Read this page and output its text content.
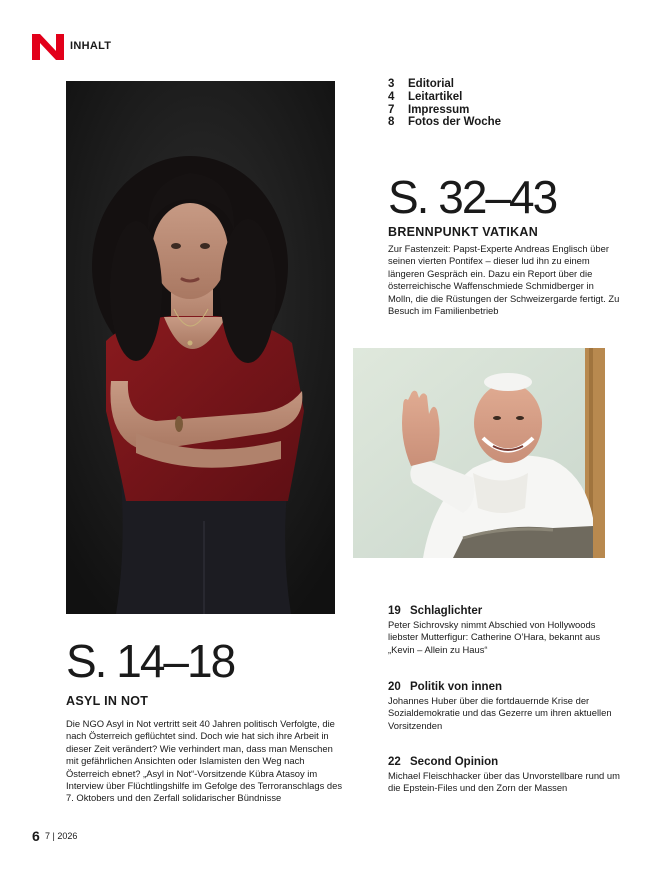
INHALT
3 Editorial
4 Leitartikel
7 Impressum
8 Fotos der Woche
S. 32–43
BRENNPUNKT VATIKAN
Zur Fastenzeit: Papst-Experte Andreas Englisch über seinen vierten Pontifex – dieser lud ihn zu einem längeren Gespräch ein. Dazu ein Report über die österreichische Waffenschmiede Schmidberger in Molln, die die Rüstungen der Schweizergarde fertigt. Zu Besuch im Familienbetrieb
19 Schlaglichter
Peter Sichrovsky nimmt Abschied von Hollywoods liebster Mutterfigur: Catherine O’Hara, bekannt aus „Kevin – Allein zu Haus“
20 Politik von innen
Johannes Huber über die fortdauernde Krise der Sozialdemokratie und das Gezerre um ihren aktuellen Vorsitzenden
22 Second Opinion
Michael Fleischhacker über das Unvorstellbare rund um die Epstein-Files und den Zorn der Massen
S. 14–18
ASYL IN NOT
Die NGO Asyl in Not vertritt seit 40 Jahren politisch Verfolgte, die nach Österreich geflüchtet sind. Doch wie hat sich ihre Arbeit in dieser Zeit verändert? Wie verhindert man, dass man Menschen mit gefährlichen Ansichten oder Islamisten den Weg nach Österreich ebnet? „Asyl in Not“-Vorsitzende Kübra Atasoy im Interview über Flüchtlingshilfe im Gefolge des Terroranschlags des 7. Oktobers und den Zerfall solidarischer Bündnisse
6 7 | 2026
